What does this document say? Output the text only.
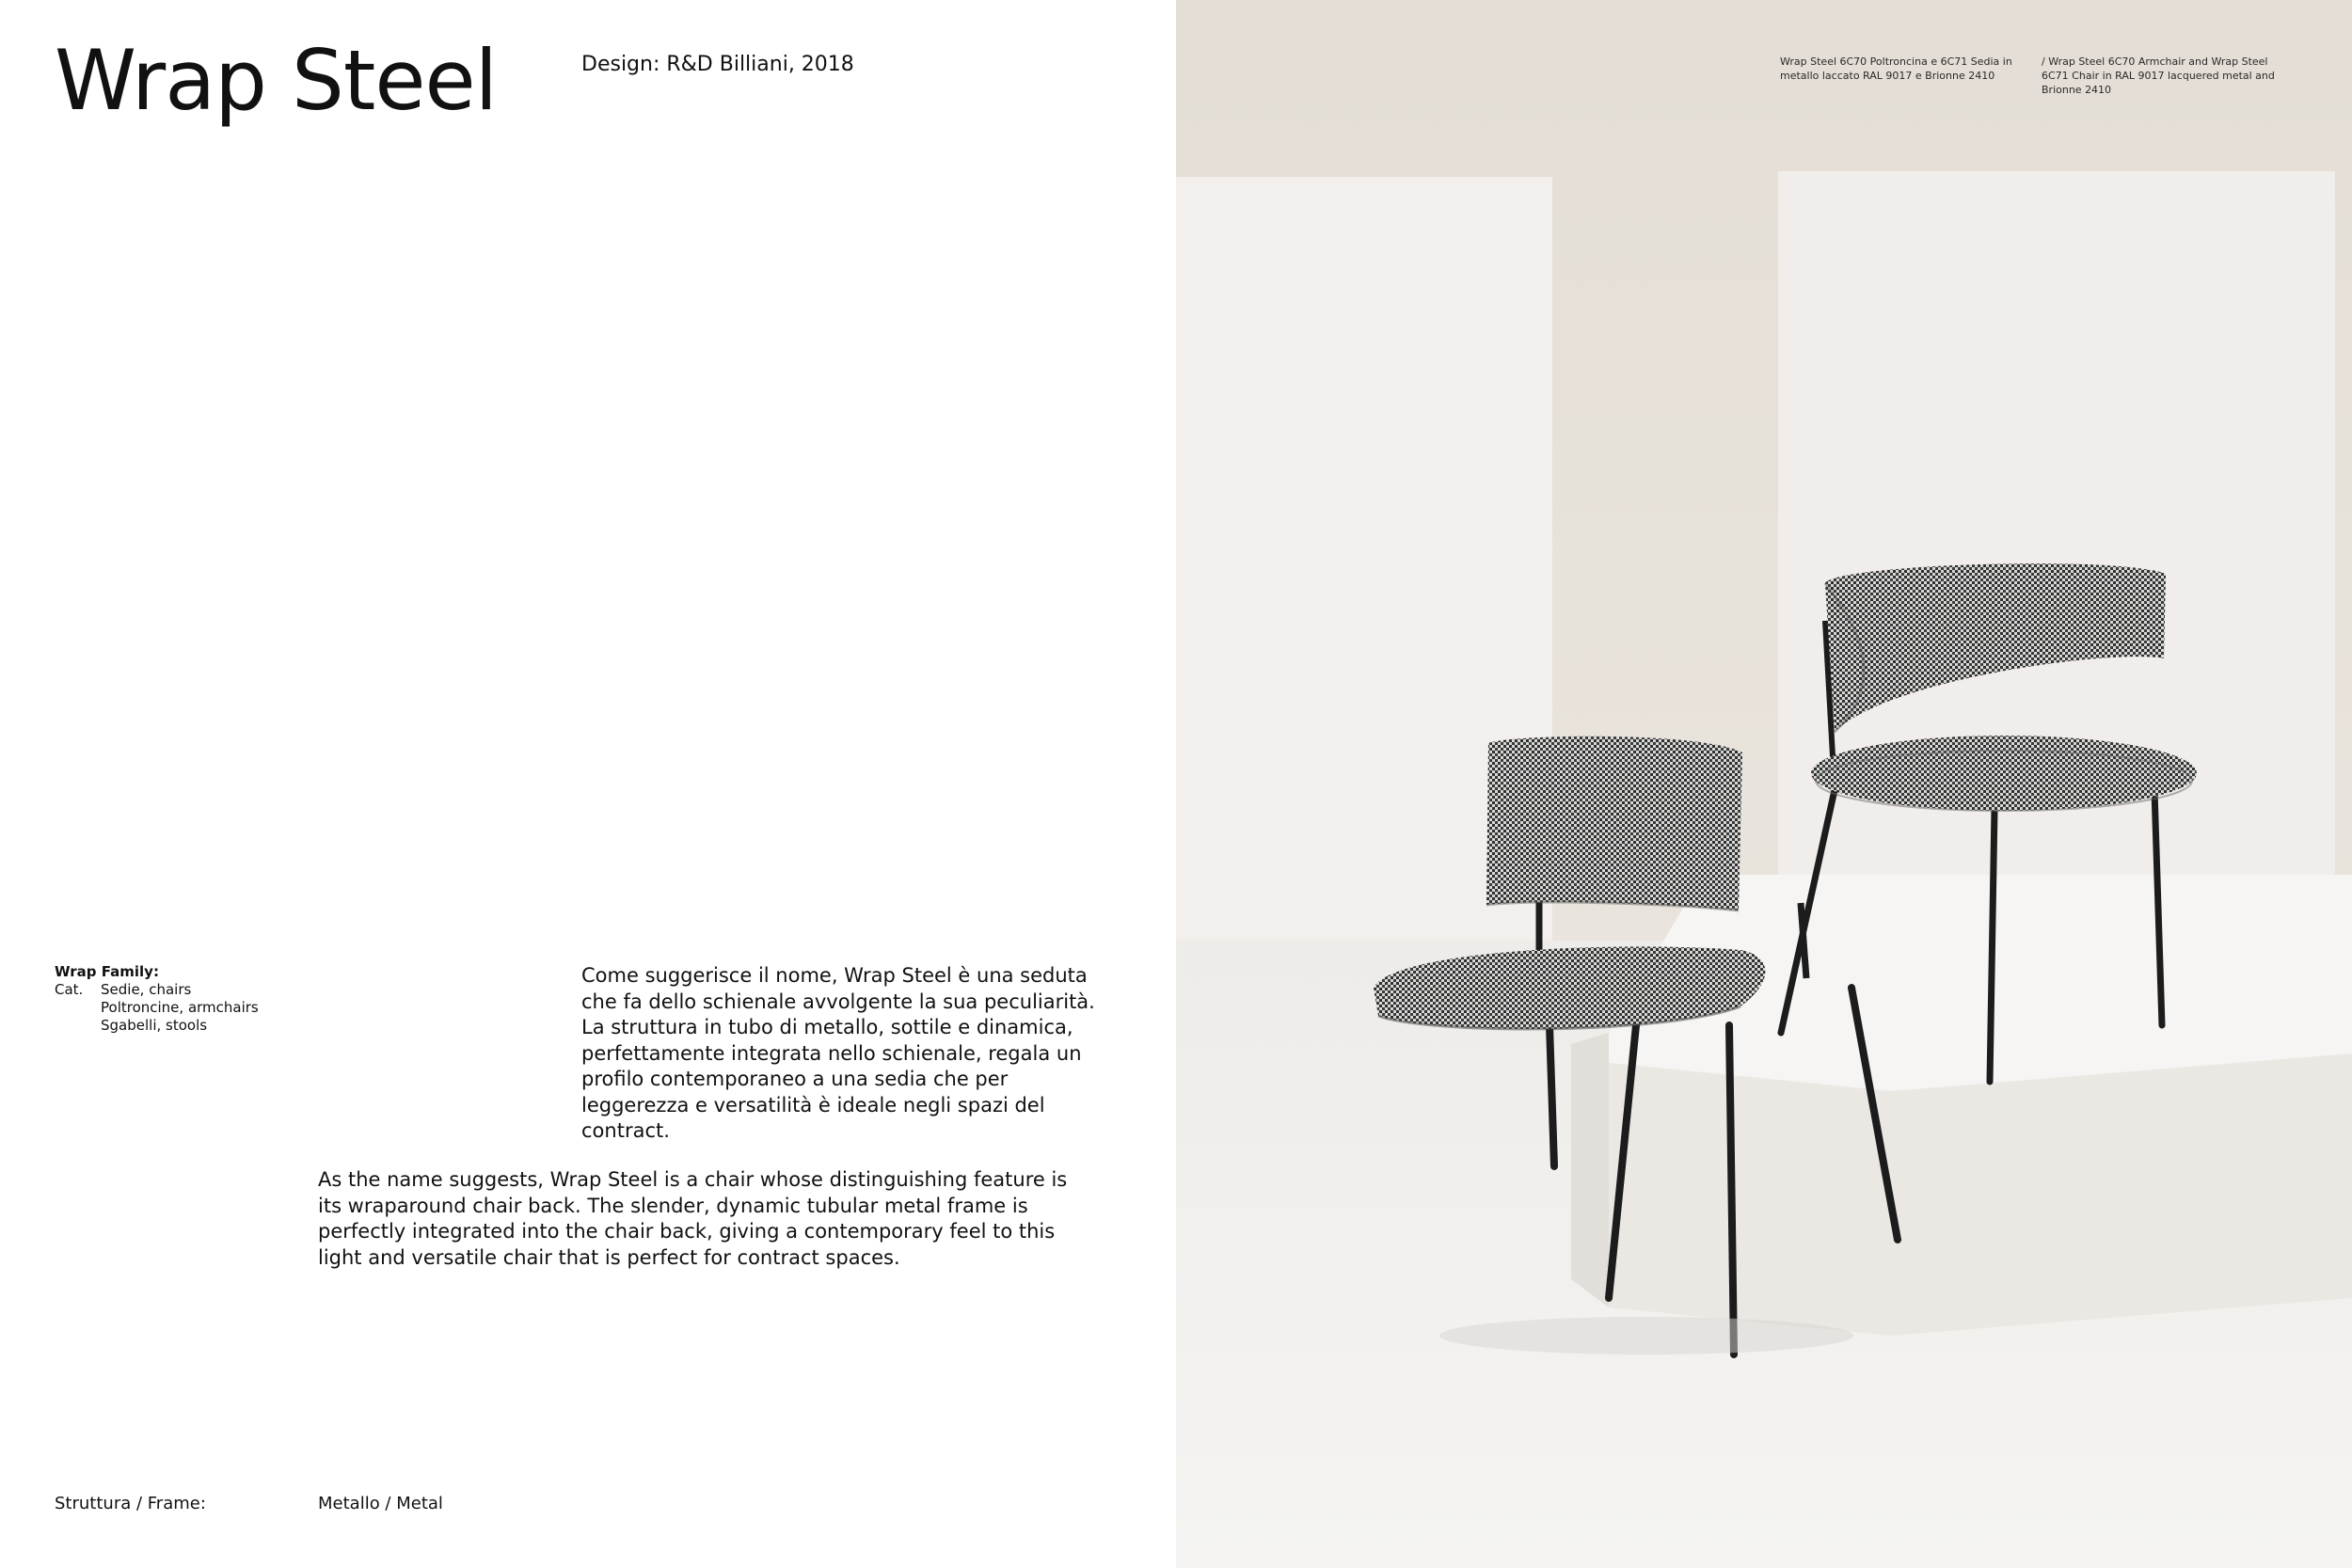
Wrap Steel	Design: R&D Billiani, 2018
Wrap Family:
Cat.	Sedie, chairs
Poltroncine, armchairs
Sgabelli, stools

Come suggerisce il nome, Wrap Steel è una seduta che fa dello schienale avvolgente la sua peculiarità. La struttura in tubo di metallo, sottile e dinamica, perfettamente integrata nello schienale, regala un profilo contemporaneo a una sedia che per leggerezza e versatilità è ideale negli spazi del contract.

As the name suggests, Wrap Steel is a chair whose distinguishing feature is its wraparound chair back. The slender, dynamic tubular metal frame is perfectly integrated into the chair back, giving a contemporary feel to this light and versatile chair that is perfect for contract spaces.

Struttura / Frame:	Metallo / Metal
Wrap Steel 6C70 Poltroncina e 6C71 Sedia in metallo laccato RAL 9017 e Brionne 2410
/ Wrap Steel 6C70 Armchair and Wrap Steel 6C71 Chair in RAL 9017 lacquered metal and Brionne 2410
